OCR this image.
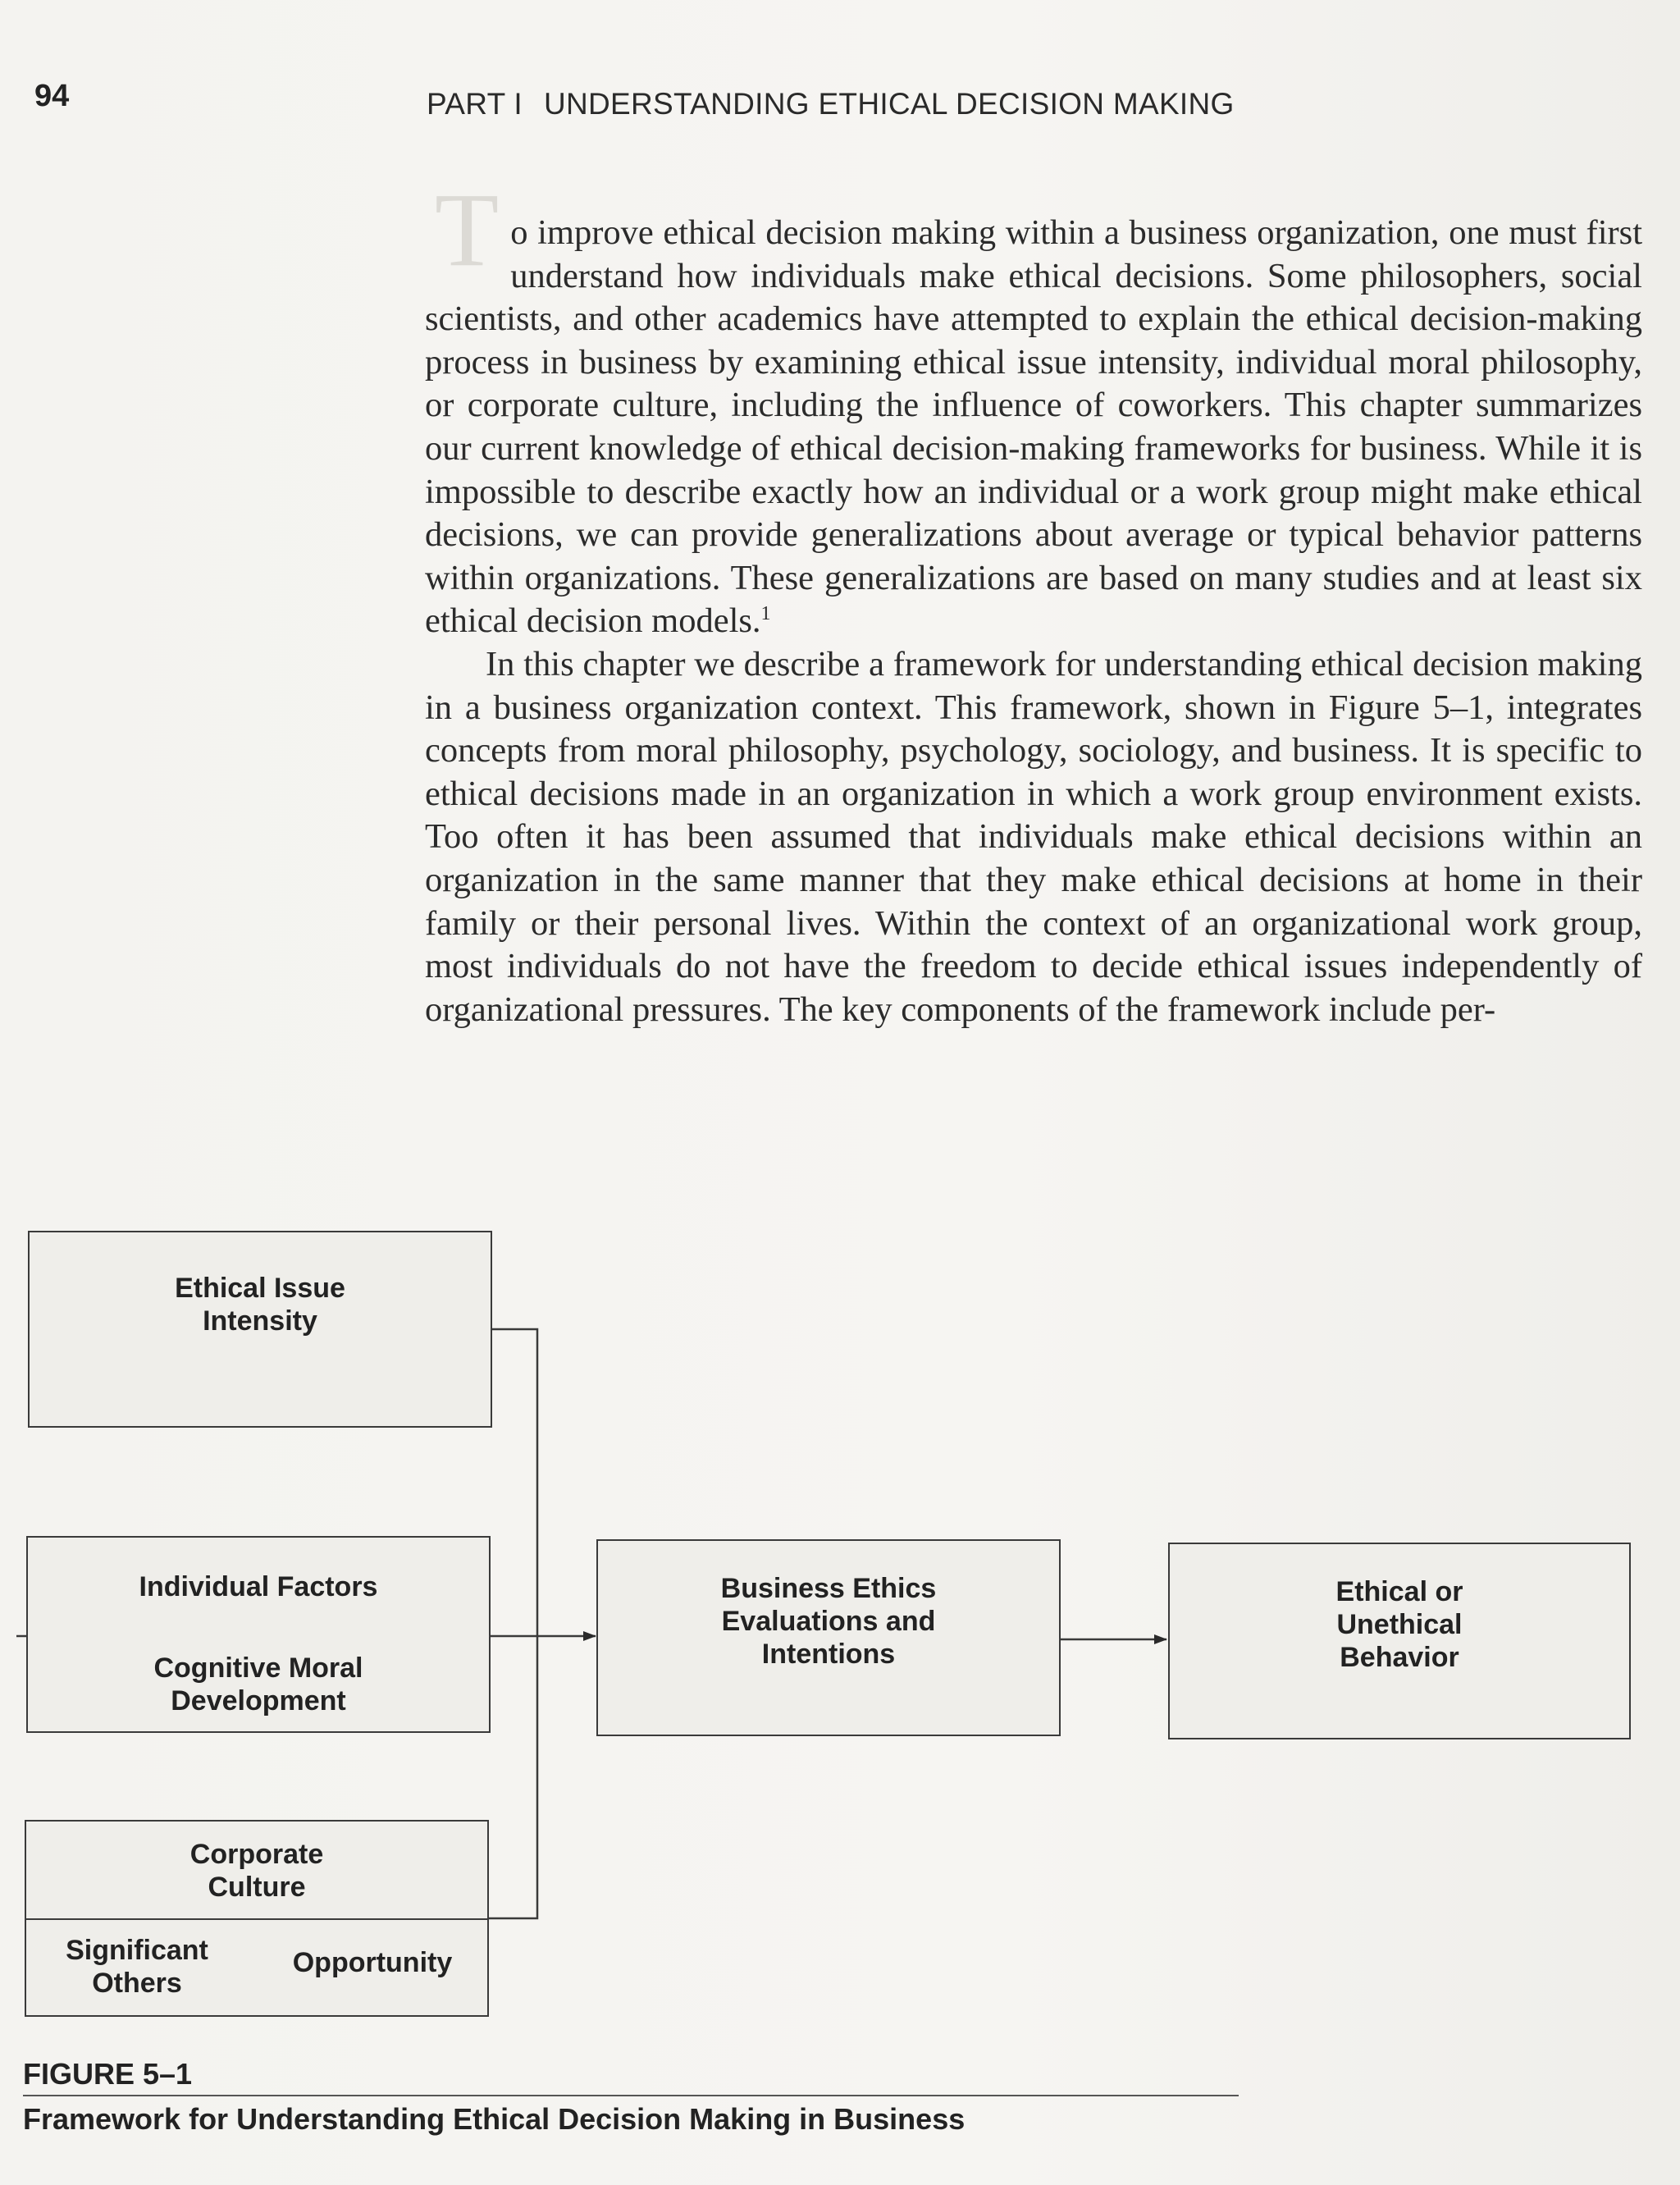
94	PART I UNDERSTANDING ETHICAL DECISION MAKING

To improve ethical decision making within a business organization, one must first understand how individuals make ethical decisions. Some philosophers, social scientists, and other academics have attempted to explain the ethical decision-making process in business by examining ethical issue intensity, individual moral philosophy, or corporate culture, including the influence of coworkers. This chapter summarizes our current knowledge of ethical decision-making frameworks for business. While it is impossible to describe exactly how an individual or a work group might make ethical decisions, we can provide generalizations about average or typical behavior patterns within organizations. These generalizations are based on many studies and at least six ethical decision models.$^1$

In this chapter we describe a framework for understanding ethical decision making in a business organization context. This framework, shown in Figure 5–1, integrates concepts from moral philosophy, psychology, sociology, and business. It is specific to ethical decisions made in an organization in which a work group environment exists. Too often it has been assumed that individuals make ethical decisions within an organization in the same manner that they make ethical decisions at home in their family or their personal lives. Within the context of an organizational work group, most individuals do not have the freedom to decide ethical issues independently of organizational pressures. The key components of the framework include per-

Ethical Issue Intensity
Individual Factors
Cognitive Moral Development
Corporate Culture
Significant Others
Opportunity
Business Ethics Evaluations and Intentions
Ethical or Unethical Behavior
FIGURE 5–1
Framework for Understanding Ethical Decision Making in Business
